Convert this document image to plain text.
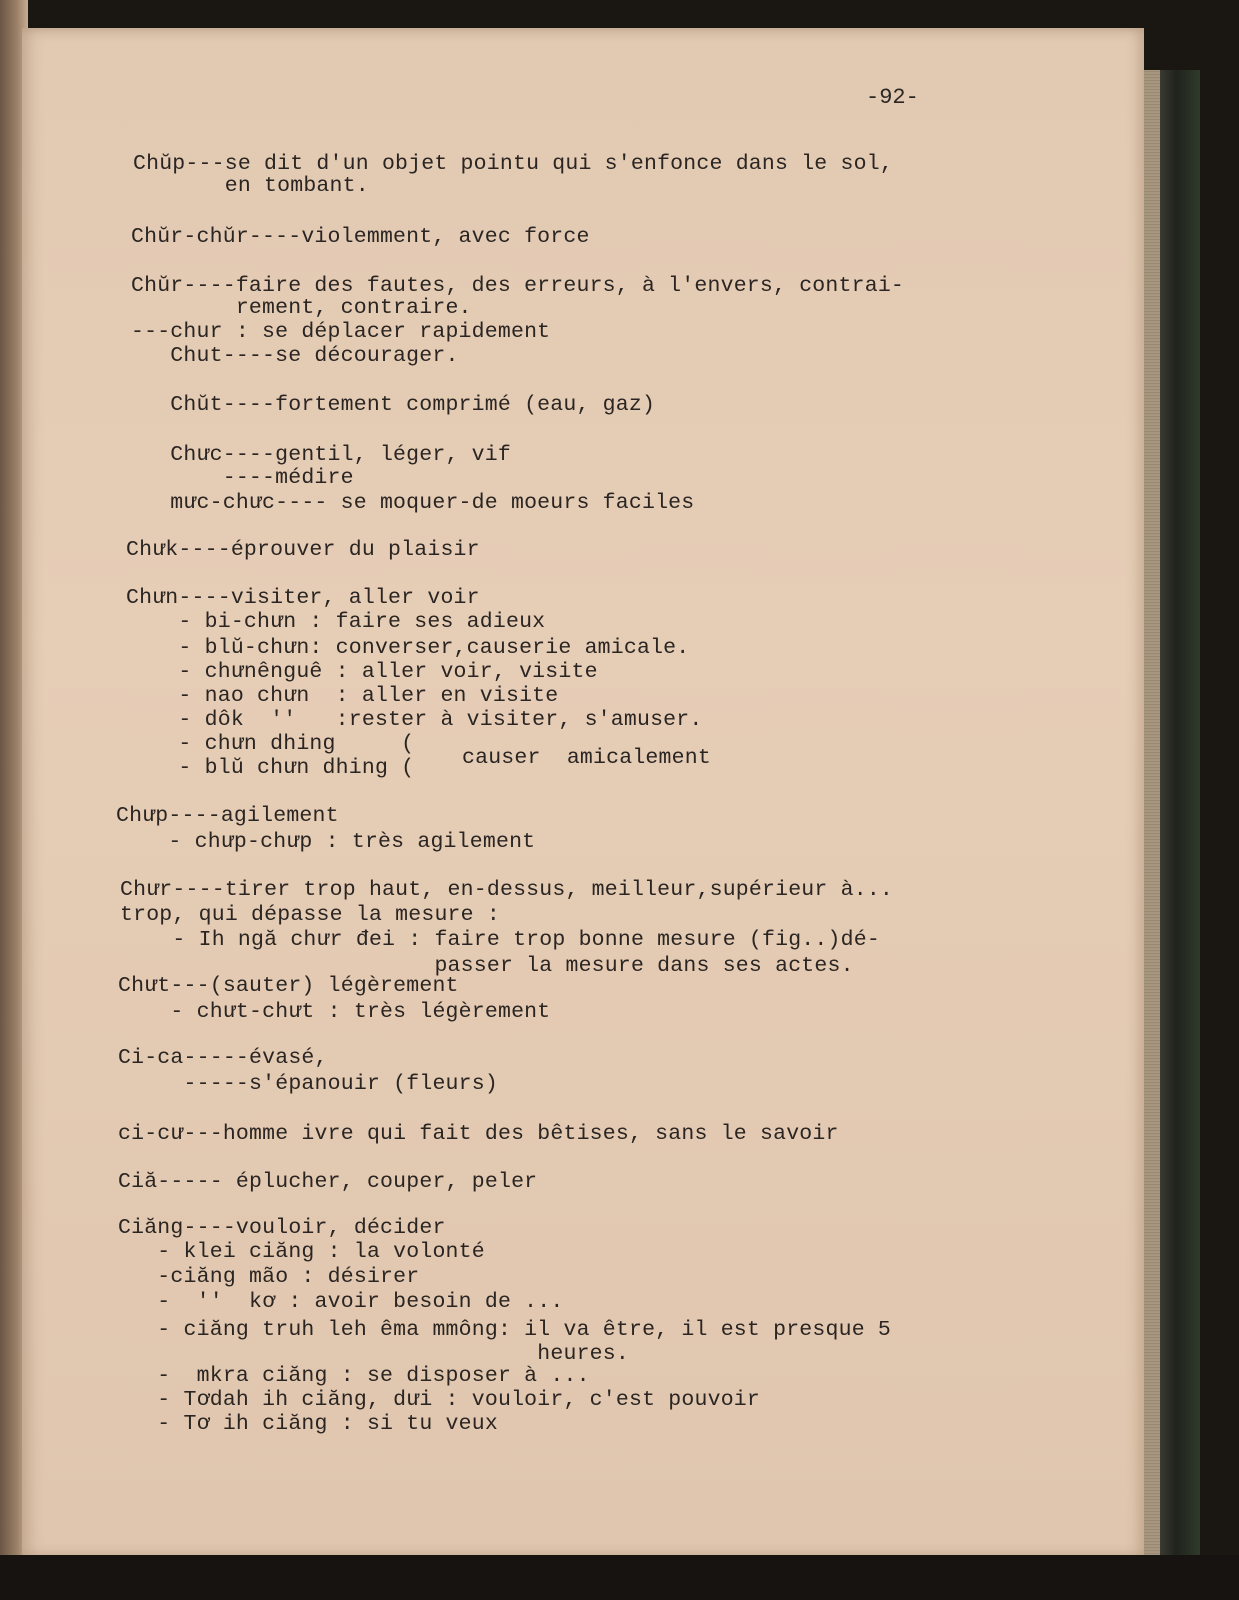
-92-
Chŭp---se dit d'un objet pointu qui s'enfonce dans le sol,
en tombant.
Chŭr-chŭr----violemment, avec force
Chŭr----faire des fautes, des erreurs, à l'envers, contrai-
rement, contraire.
---chur : se déplacer rapidement
Chut----se décourager.
Chŭt----fortement comprimé (eau, gaz)
Chưc----gentil, léger, vif
----médire
mưc-chưc---- se moquer-de moeurs faciles
Chưk----éprouver du plaisir
Chưn----visiter, aller voir
- bi-chưn : faire ses adieux
- blŭ-chưn: converser,causerie amicale.
- chưnênguê : aller voir, visite
- nao chưn  : aller en visite
- dôk  ''   :rester à visiter, s'amuser.
- chưn dhing     (
- blŭ chưn dhing ( causer  amicalement
Chưp----agilement
- chưp-chưp : très agilement
Chưr----tirer trop haut, en-dessus, meilleur,supérieur à...
trop, qui dépasse la mesure :
- Ih ngă chưr đei : faire trop bonne mesure (fig..)dé-
passer la mesure dans ses actes.
Chưt---(sauter) légèrement
- chưt-chưt : très légèrement
Ci-ca-----évasé,
-----s'épanouir (fleurs)
ci-cư---homme ivre qui fait des bêtises, sans le savoir
Ciă----- éplucher, couper, peler
Ciăng----vouloir, décider
- klei ciăng : la volonté
-ciăng mão : désirer
-  ''  kơ : avoir besoin de ...
- ciăng truh leh êma mmông: il va être, il est presque 5
heures.
-  mkra ciăng : se disposer à ...
- Tơdah ih ciăng, dưi : vouloir, c'est pouvoir
- Tơ ih ciăng : si tu veux
